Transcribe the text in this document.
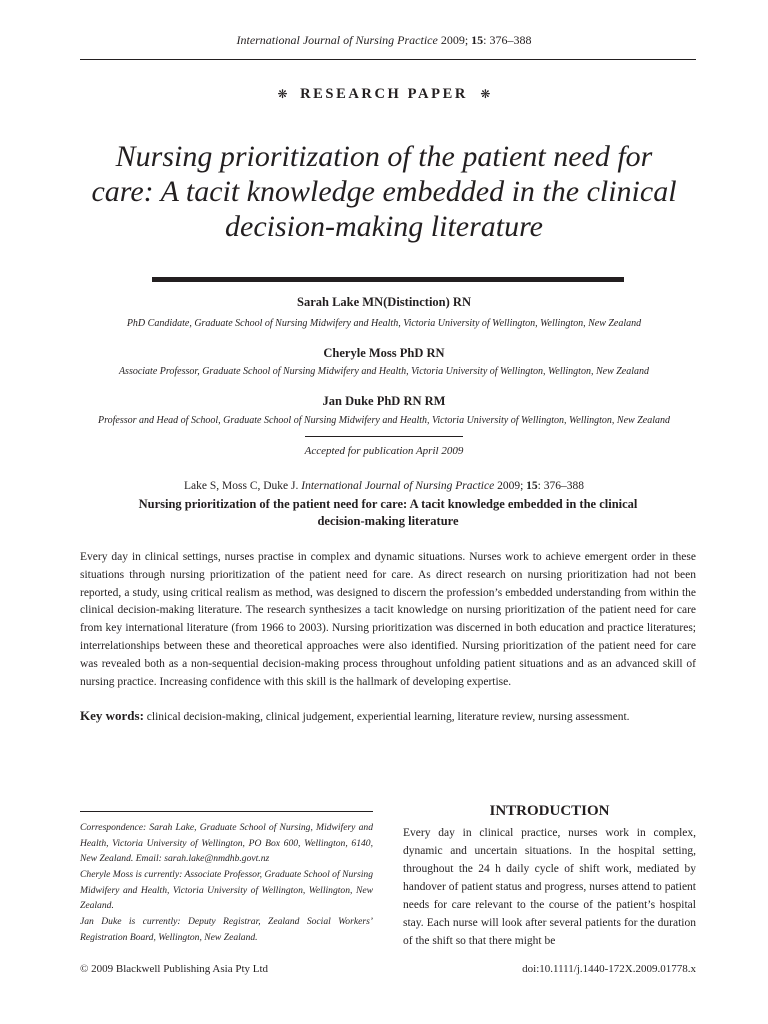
International Journal of Nursing Practice 2009; 15: 376–388
❋ RESEARCH PAPER ❋
Nursing prioritization of the patient need for
care: A tacit knowledge embedded in the clinical
decision-making literature
Sarah Lake MN(Distinction) RN
PhD Candidate, Graduate School of Nursing Midwifery and Health, Victoria University of Wellington, Wellington, New Zealand
Cheryle Moss PhD RN
Associate Professor, Graduate School of Nursing Midwifery and Health, Victoria University of Wellington, Wellington, New Zealand
Jan Duke PhD RN RM
Professor and Head of School, Graduate School of Nursing Midwifery and Health, Victoria University of Wellington, Wellington, New Zealand
Accepted for publication April 2009
Lake S, Moss C, Duke J. International Journal of Nursing Practice 2009; 15: 376–388
Nursing prioritization of the patient need for care: A tacit knowledge embedded in the clinical
decision-making literature
Every day in clinical settings, nurses practise in complex and dynamic situations. Nurses work to achieve emergent order in these situations through nursing prioritization of the patient need for care. As direct research on nursing prioritization had not been reported, a study, using critical realism as method, was designed to discern the profession’s embedded understanding from within the clinical decision-making literature. The research synthesizes a tacit knowledge on nursing prioritization of the patient need for care from key international literature (from 1966 to 2003). Nursing prioritization was discerned in both education and practice literatures; interrelationships between these and theoretical approaches were also identified. Nursing prioritization of the patient need for care was revealed both as a non-sequential decision-making process throughout unfolding patient situations and as an advanced skill of nursing practice. Increasing confidence with this skill is the hallmark of developing expertise.
Key words: clinical decision-making, clinical judgement, experiential learning, literature review, nursing assessment.
Correspondence: Sarah Lake, Graduate School of Nursing, Midwifery and Health, Victoria University of Wellington, PO Box 600, Wellington, 6140, New Zealand. Email: sarah.lake@nmdhb.govt.nz
Cheryle Moss is currently: Associate Professor, Graduate School of Nursing Midwifery and Health, Victoria University of Wellington, Wellington, New Zealand.
Jan Duke is currently: Deputy Registrar, Zealand Social Workers’ Registration Board, Wellington, New Zealand.
INTRODUCTION
Every day in clinical practice, nurses work in complex, dynamic and uncertain situations. In the hospital setting, throughout the 24 h daily cycle of shift work, mediated by handover of patient status and progress, nurses attend to patient needs for care relevant to the course of the patient’s hospital stay. Each nurse will look after several patients for the duration of the shift so that there might be
© 2009 Blackwell Publishing Asia Pty Ltd	doi:10.1111/j.1440-172X.2009.01778.x
